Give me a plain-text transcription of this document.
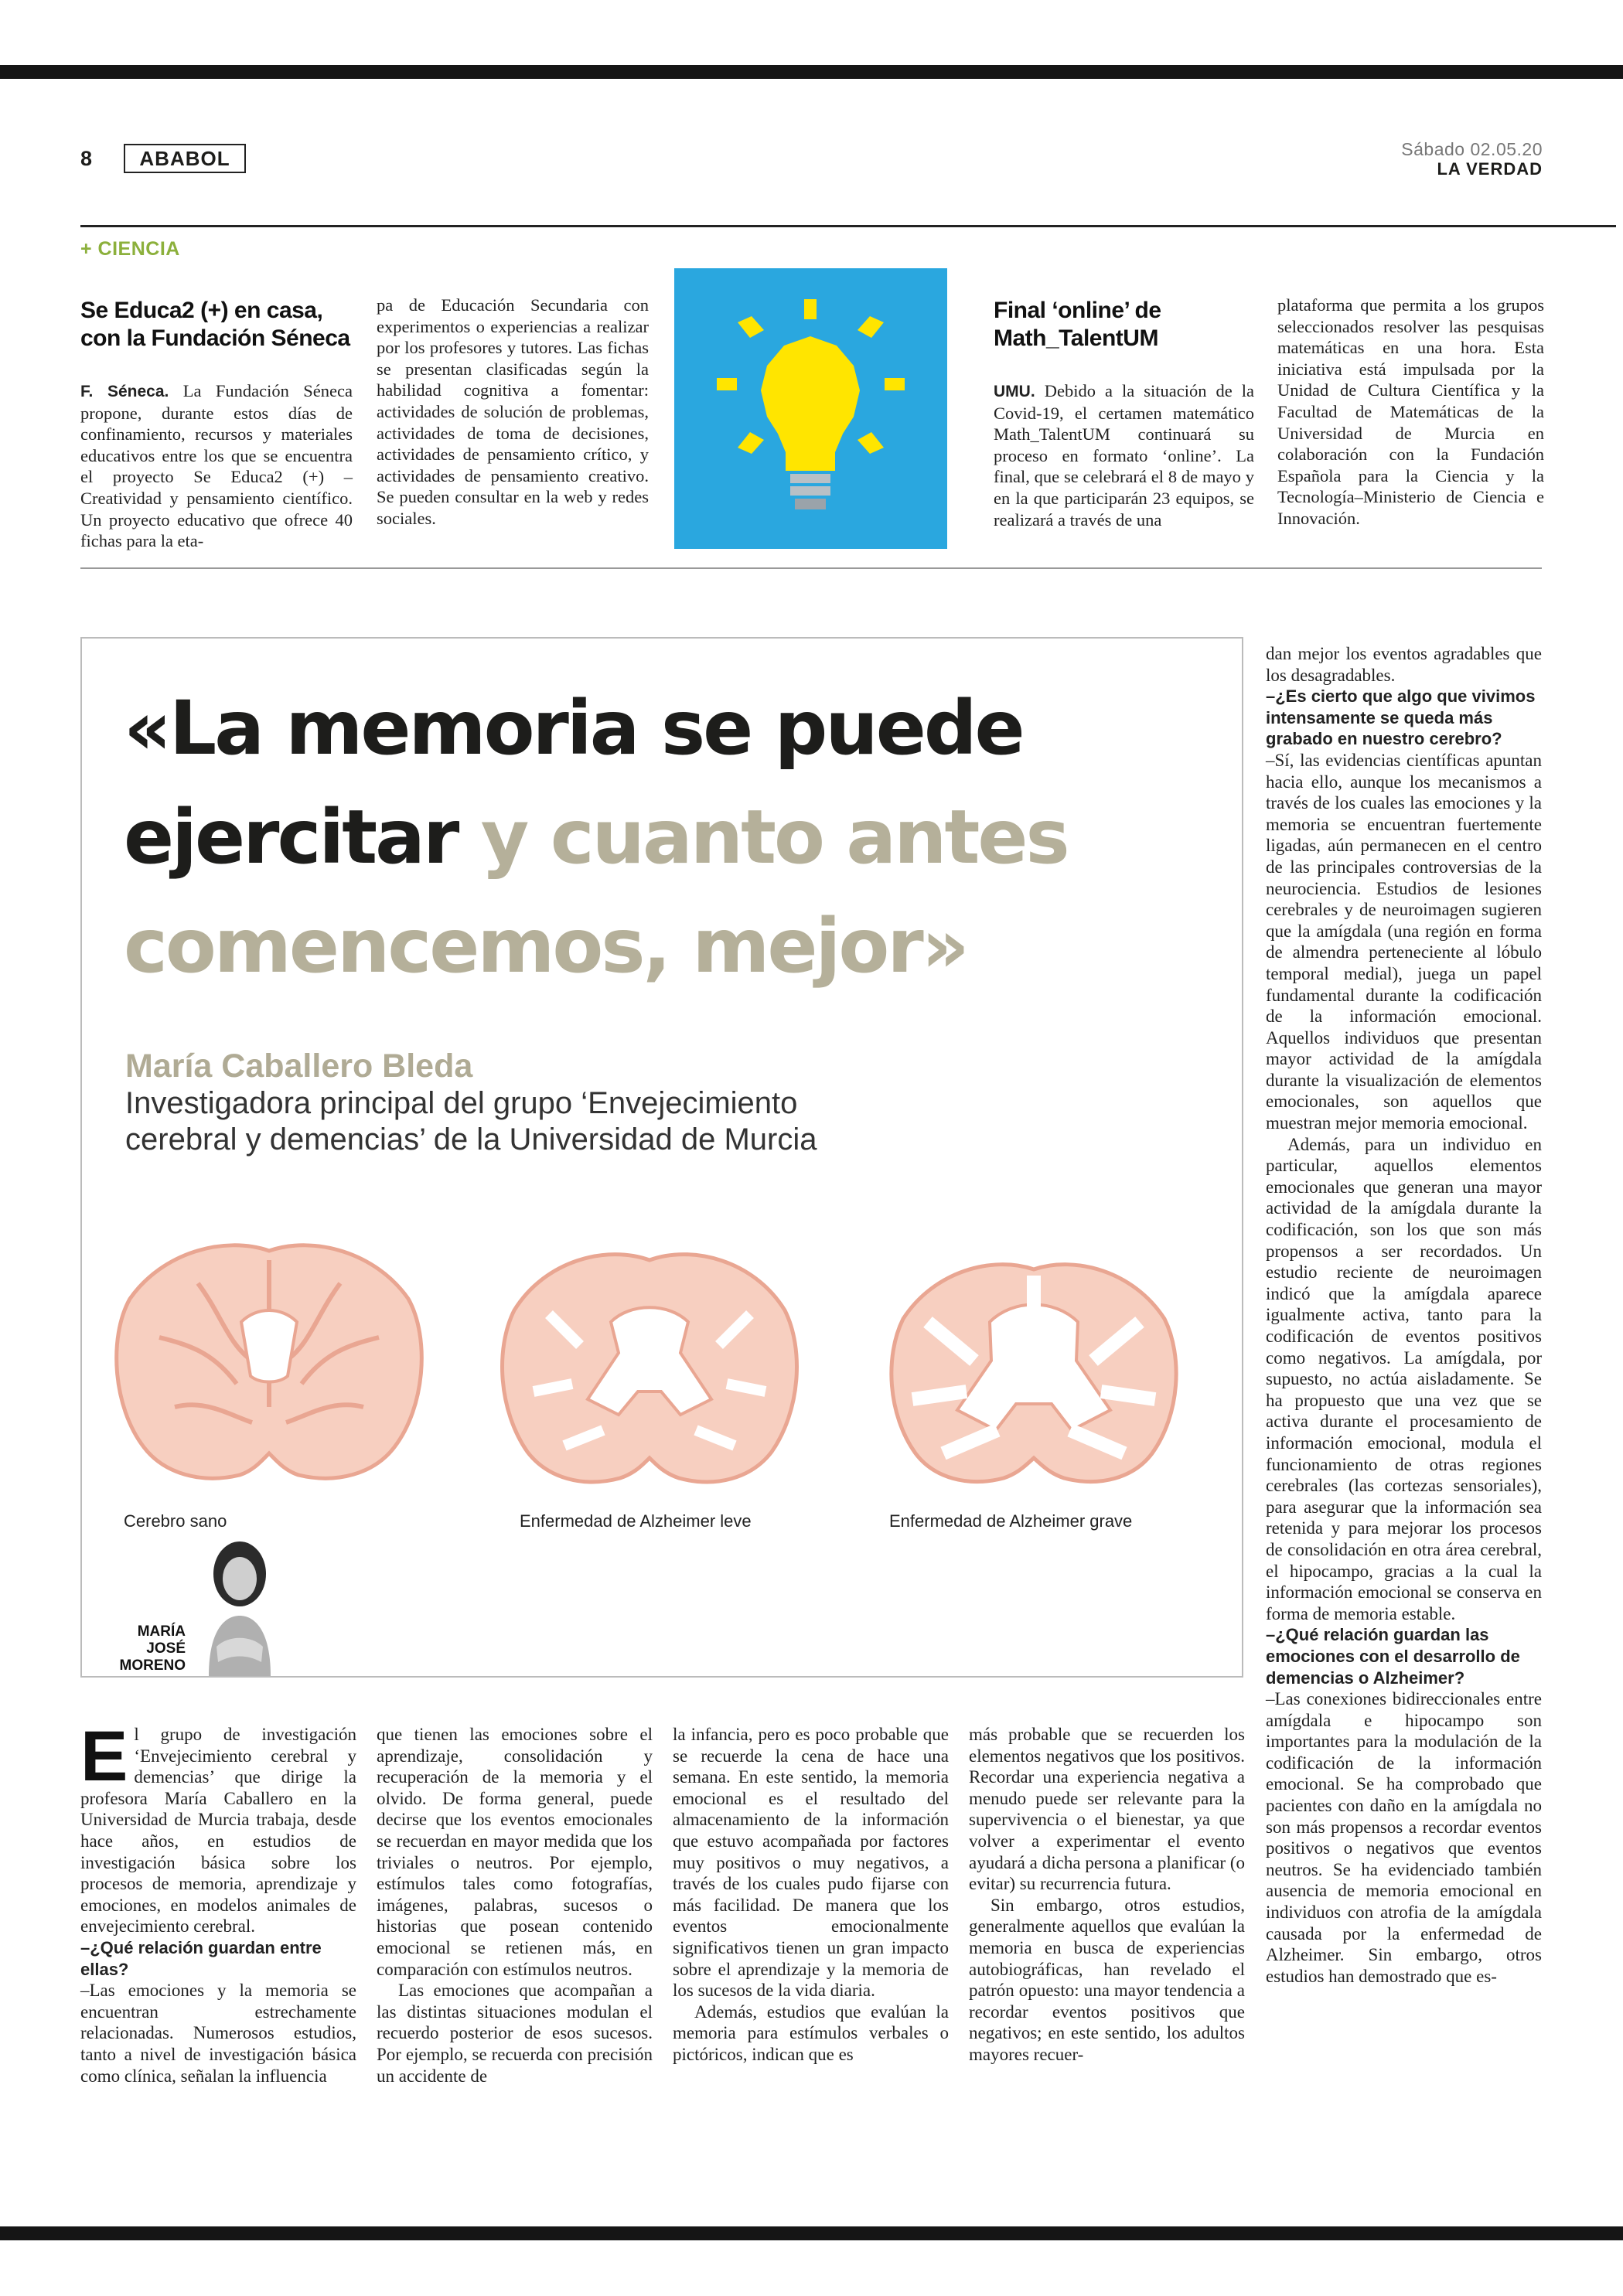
8	ABABOL	Sábado 02.05.20
LA VERDAD
+ CIENCIA
Se Educa2 (+) en casa, con la Fundación Séneca
F. Séneca. La Fundación Séneca propone, durante estos días de confinamiento, recursos y materiales educativos entre los que se encuentra el proyecto Se Educa2 (+) – Creatividad y pensamiento científico. Un proyecto educativo que ofrece 40 fichas para la eta-
pa de Educación Secundaria con experimentos o experiencias a realizar por los profesores y tutores. Las fichas se presentan clasificadas según la habilidad cognitiva a fomentar: actividades de solución de problemas, actividades de toma de decisiones, actividades de pensamiento crítico, y actividades de pensamiento creativo. Se pueden consultar en la web y redes sociales.
Final ‘online’ de Math_TalentUM
UMU. Debido a la situación de la Covid-19, el certamen matemático Math_TalentUM continuará su proceso en formato ‘online’. La final, que se celebrará el 8 de mayo y en la que participarán 23 equipos, se realizará a través de una
plataforma que permita a los grupos seleccionados resolver las pesquisas matemáticas en una hora. Esta iniciativa está impulsada por la Unidad de Cultura Científica y la Facultad de Matemáticas de la Universidad de Murcia en colaboración con la Fundación Española para la Ciencia y la Tecnología–Ministerio de Ciencia e Innovación.
«La memoria se puede
ejercitar y cuanto antes
comencemos, mejor»
María Caballero Bleda
Investigadora principal del grupo ‘Envejecimiento
cerebral y demencias’ de la Universidad de Murcia
Cerebro sano	Enfermedad de Alzheimer leve	Enfermedad de Alzheimer grave
MARÍA
JOSÉ
MORENO

El grupo de investigación ‘Envejecimiento cerebral y demencias’ que dirige la profesora María Caballero en la Universidad de Murcia trabaja, desde hace años, en estudios de investigación básica sobre los procesos de memoria, aprendizaje y emociones, en modelos animales de envejecimiento cerebral.

–¿Qué relación guardan entre ellas?

–Las emociones y la memoria se encuentran estrechamente relacionadas. Numerosos estudios, tanto a nivel de investigación básica como clínica, señalan la influencia

que tienen las emociones sobre el aprendizaje, consolidación y recuperación de la memoria y el olvido. De forma general, puede decirse que los eventos emocionales se recuerdan en mayor medida que los triviales o neutros. Por ejemplo, estímulos tales como fotografías, imágenes, palabras, sucesos o historias que posean contenido emocional se retienen más, en comparación con estímulos neutros.

Las emociones que acompañan a las distintas situaciones modulan el recuerdo posterior de esos sucesos. Por ejemplo, se recuerda con precisión un accidente de

la infancia, pero es poco probable que se recuerde la cena de hace una semana. En este sentido, la memoria emocional es el resultado del almacenamiento de la información que estuvo acompañada por factores muy positivos o muy negativos, a través de los cuales pudo fijarse con más facilidad. De manera que los eventos emocionalmente significativos tienen un gran impacto sobre el aprendizaje y la memoria de los sucesos de la vida diaria.

Además, estudios que evalúan la memoria para estímulos verbales o pictóricos, indican que es

más probable que se recuerden los elementos negativos que los positivos. Recordar una experiencia negativa a menudo puede ser relevante para la supervivencia o el bienestar, ya que volver a experimentar el evento ayudará a dicha persona a planificar (o evitar) su recurrencia futura.

Sin embargo, otros estudios, generalmente aquellos que evalúan la memoria en busca de experiencias autobiográficas, han revelado el patrón opuesto: una mayor tendencia a recordar eventos positivos que negativos; en este sentido, los adultos mayores recuer-

dan mejor los eventos agradables que los desagradables.

–¿Es cierto que algo que vivimos intensamente se queda más grabado en nuestro cerebro?

–Sí, las evidencias científicas apuntan hacia ello, aunque los mecanismos a través de los cuales las emociones y la memoria se encuentran fuertemente ligadas, aún permanecen en el centro de las principales controversias de la neurociencia. Estudios de lesiones cerebrales y de neuroimagen sugieren que la amígdala (una región en forma de almendra perteneciente al lóbulo temporal medial), juega un papel fundamental durante la codificación de la información emocional. Aquellos individuos que presentan mayor actividad de la amígdala durante la visualización de elementos emocionales, son aquellos que muestran mejor memoria emocional.

Además, para un individuo en particular, aquellos elementos emocionales que generan una mayor actividad de la amígdala durante la codificación, son los que son más propensos a ser recordados. Un estudio reciente de neuroimagen indicó que la amígdala aparece igualmente activa, tanto para la codificación de eventos positivos como negativos. La amígdala, por supuesto, no actúa aisladamente. Se ha propuesto que una vez que se activa durante el procesamiento de información emocional, modula el funcionamiento de otras regiones cerebrales (las cortezas sensoriales), para asegurar que la información sea retenida y para mejorar los procesos de consolidación en otra área cerebral, el hipocampo, gracias a la cual la información emocional se conserva en forma de memoria estable.

–¿Qué relación guardan las emociones con el desarrollo de demencias o Alzheimer?

–Las conexiones bidireccionales entre amígdala e hipocampo son importantes para la modulación de la codificación de la información emocional. Se ha comprobado que pacientes con daño en la amígdala no son más propensos a recordar eventos positivos o negativos que eventos neutros. Se ha evidenciado también ausencia de memoria emocional en individuos con atrofia de la amígdala causada por la enfermedad de Alzheimer. Sin embargo, otros estudios han demostrado que es-
